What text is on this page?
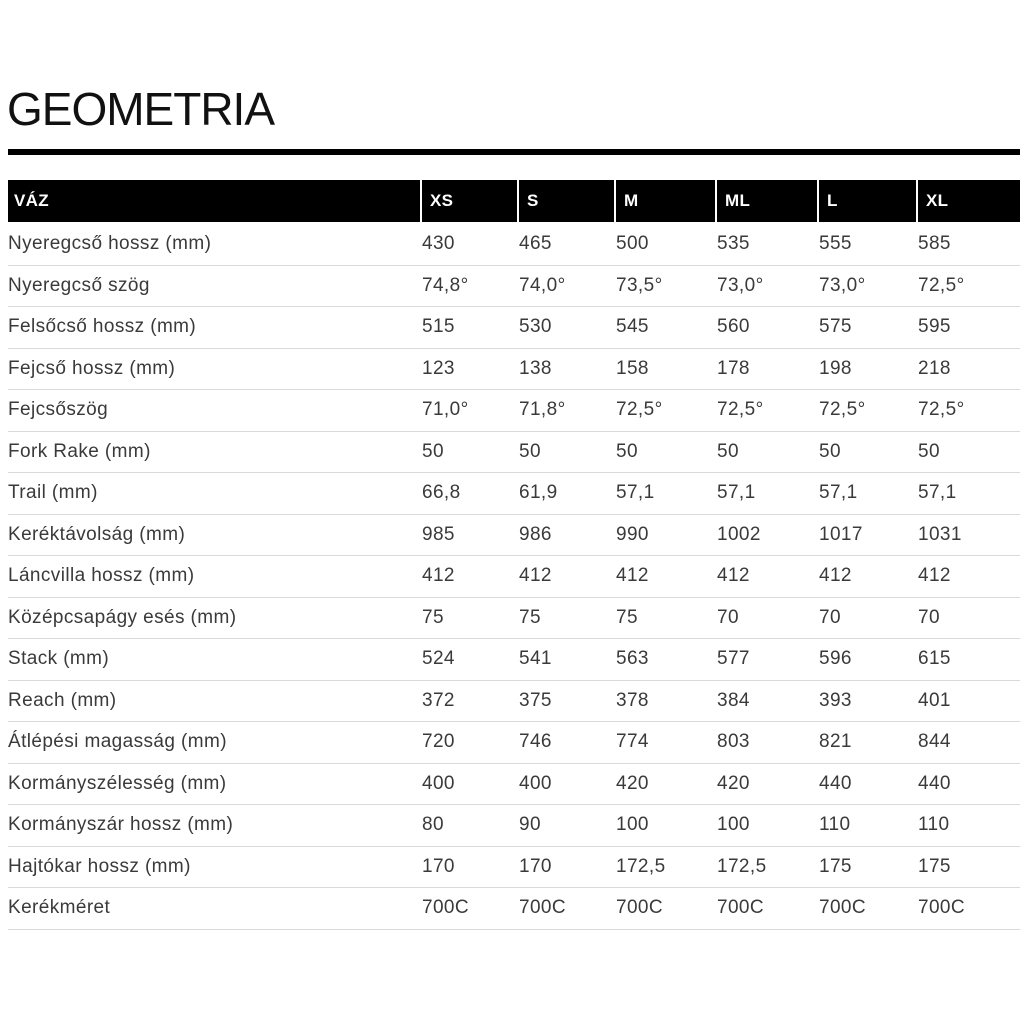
GEOMETRIA
VÁZ	XS	S	M	ML	L	XL
Nyeregcső hossz (mm)	430	465	500	535	555	585
Nyeregcső szög	74,8°	74,0°	73,5°	73,0°	73,0°	72,5°
Felsőcső hossz (mm)	515	530	545	560	575	595
Fejcső hossz (mm)	123	138	158	178	198	218
Fejcsőszög	71,0°	71,8°	72,5°	72,5°	72,5°	72,5°
Fork Rake (mm)	50	50	50	50	50	50
Trail (mm)	66,8	61,9	57,1	57,1	57,1	57,1
Keréktávolság (mm)	985	986	990	1002	1017	1031
Láncvilla hossz (mm)	412	412	412	412	412	412
Középcsapágy esés (mm)	75	75	75	70	70	70
Stack (mm)	524	541	563	577	596	615
Reach (mm)	372	375	378	384	393	401
Átlépési magasság (mm)	720	746	774	803	821	844
Kormányszélesség (mm)	400	400	420	420	440	440
Kormányszár hossz (mm)	80	90	100	100	110	110
Hajtókar hossz (mm)	170	170	172,5	172,5	175	175
Kerékméret	700C	700C	700C	700C	700C	700C
